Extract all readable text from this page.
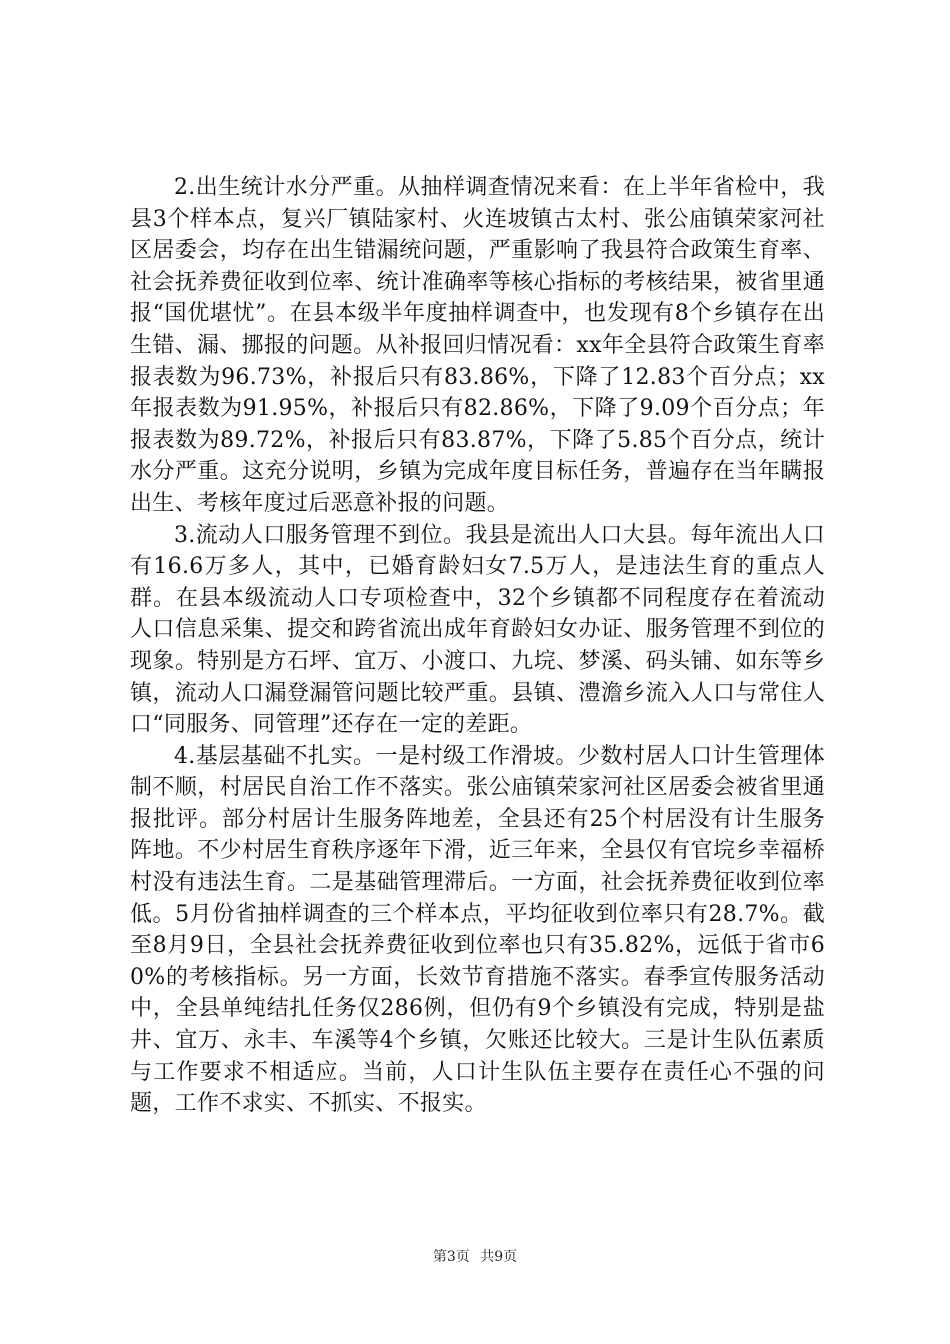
2.出生统计水分严重。从抽样调查情况来看：在上半年省检中，我县3个样本点，复兴厂镇陆家村、火连坡镇古太村、张公庙镇荣家河社区居委会，均存在出生错漏统问题，严重影响了我县符合政策生育率、社会抚养费征收到位率、统计准确率等核心指标的考核结果，被省里通报“国优堪忧”。在县本级半年度抽样调查中，也发现有8个乡镇存在出生错、漏、挪报的问题。从补报回归情况看：xx年全县符合政策生育率报表数为96.73%，补报后只有83.86%，下降了12.83个百分点；xx年报表数为91.95%，补报后只有82.86%，下降了9.09个百分点；年报表数为89.72%，补报后只有83.87%，下降了5.85个百分点，统计水分严重。这充分说明，乡镇为完成年度目标任务，普遍存在当年瞒报出生、考核年度过后恶意补报的问题。

3.流动人口服务管理不到位。我县是流出人口大县。每年流出人口有16.6万多人，其中，已婚育龄妇女7.5万人，是违法生育的重点人群。在县本级流动人口专项检查中，32个乡镇都不同程度存在着流动人口信息采集、提交和跨省流出成年育龄妇女办证、服务管理不到位的现象。特别是方石坪、宜万、小渡口、九垸、梦溪、码头铺、如东等乡镇，流动人口漏登漏管问题比较严重。县镇、澧澹乡流入人口与常住人口“同服务、同管理”还存在一定的差距。

4.基层基础不扎实。一是村级工作滑坡。少数村居人口计生管理体制不顺，村居民自治工作不落实。张公庙镇荣家河社区居委会被省里通报批评。部分村居计生服务阵地差，全县还有25个村居没有计生服务阵地。不少村居生育秩序逐年下滑，近三年来，全县仅有官垸乡幸福桥村没有违法生育。二是基础管理滞后。一方面，社会抚养费征收到位率低。5月份省抽样调查的三个样本点，平均征收到位率只有28.7%。截至8月9日，全县社会抚养费征收到位率也只有35.82%，远低于省市60%的考核指标。另一方面，长效节育措施不落实。春季宣传服务活动中，全县单纯结扎任务仅286例，但仍有9个乡镇没有完成，特别是盐井、宜万、永丰、车溪等4个乡镇，欠账还比较大。三是计生队伍素质与工作要求不相适应。当前，人口计生队伍主要存在责任心不强的问题，工作不求实、不抓实、不报实。

第3页 共9页
